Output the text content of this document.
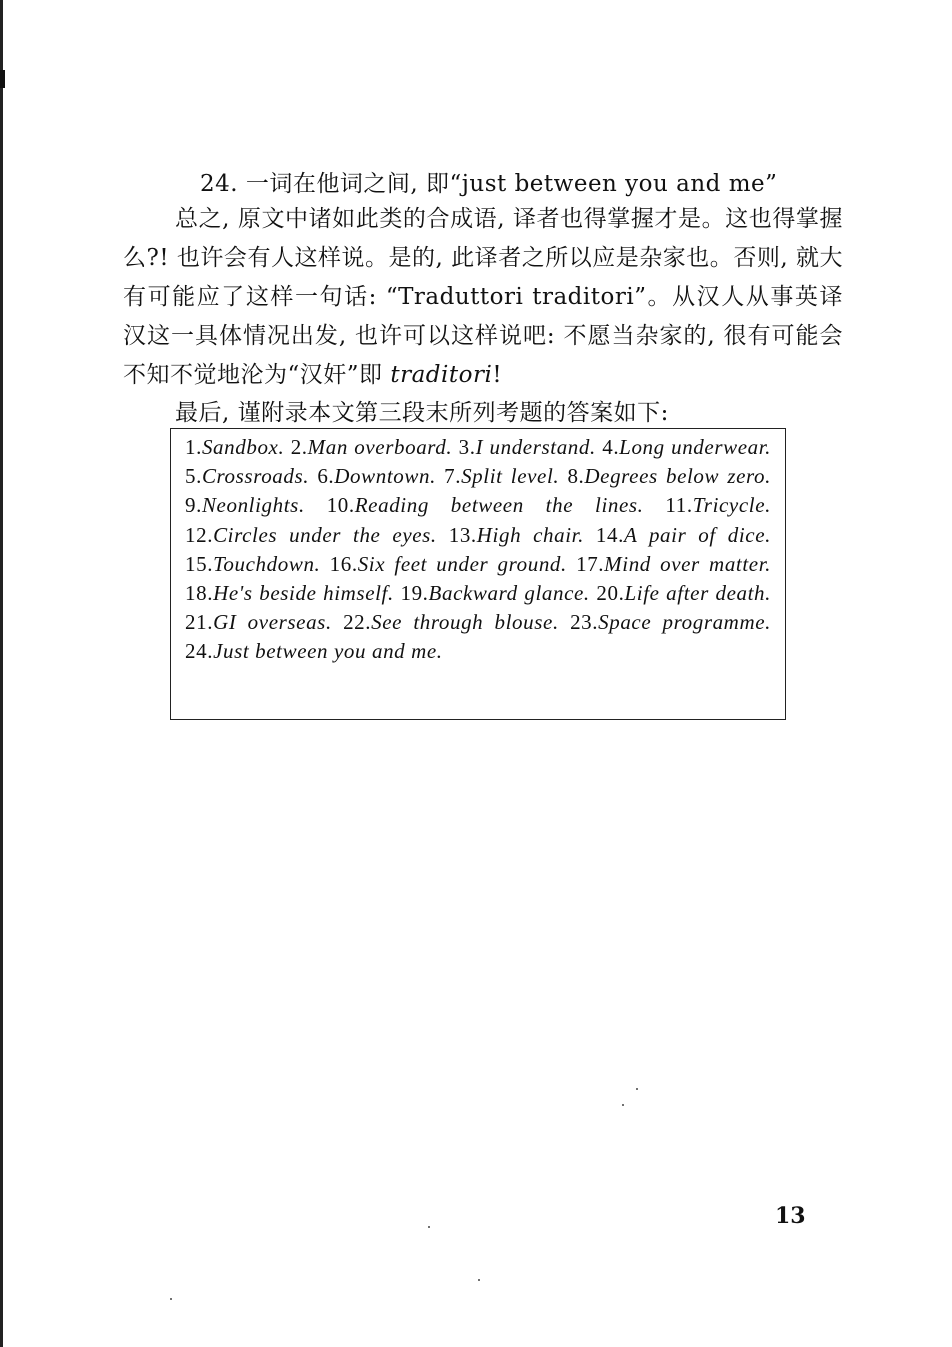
24. 一词在他词之间, 即“just between you and me”

总之, 原文中诸如此类的合成语, 译者也得掌握才是。这也得掌握么?! 也许会有人这样说。是的, 此译者之所以应是杂家也。否则, 就大有可能应了这样一句话: “Traduttori traditori”。从汉人从事英译汉这一具体情况出发, 也许可以这样说吧: 不愿当杂家的, 很有可能会不知不觉地沦为“汉奸”即 traditori!

最后, 谨附录本文第三段末所列考题的答案如下:

1.Sandbox. 2.Man overboard. 3.I understand. 4.Long underwear. 5.Crossroads. 6.Downtown. 7.Split level. 8.Degrees below zero. 9.Neonlights. 10.Reading between the lines. 11.Tricycle. 12.Circles under the eyes. 13.High chair. 14.A pair of dice. 15.Touchdown. 16.Six feet under ground. 17.Mind over matter. 18.He's beside himself. 19.Backward glance. 20.Life after death. 21.GI overseas. 22.See through blouse. 23.Space programme. 24.Just between you and me.

13
